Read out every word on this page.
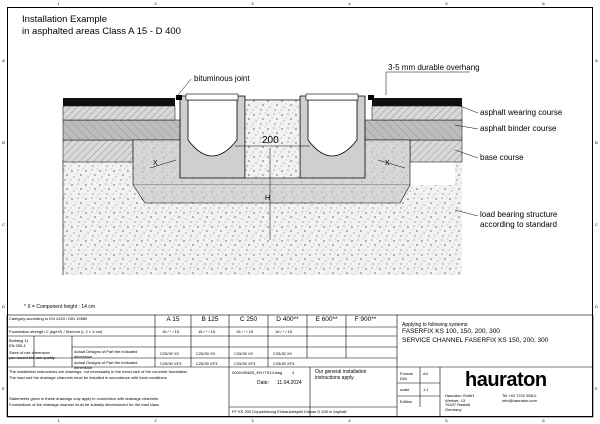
1	2	3	4	5	6
1	2	3	4	5	6
A
B
C
D
E
A
B
C
D
E
Installation Example
in asphalted areas Class A 15 - D 400
bituminous joint
3-5 mm durable overhang
asphalt wearing course
asphalt binder course
base course
load bearing structure
according to standard
200
X	X
H
* X = Component height : 14 cm
Category according to EN 1433 / DIN 19580	A 15	B 125	C 250	D 400**	E 600**	F 900**
Foundation strength C (kg/m³) / Size/cm (L 2 × 4 cm)	16 / * / 15	16 / * / 15	15 / * / 15	16 / * / 15
Building 11
EN 206-1
Sizes of mix dimension
you record the use quality
Actual Designs of Part the indicated dimension
C25/30 X0	C25/30 X0	C25/30 X0	C25/30 X0
Actual Designs of Part the indicated dimension
C25/30 XF3	C25/30 XF3	C25/30 XF3	C25/30 XF3
The installation instructions are drawings, not necessarily in the exact size of the concrete foundation
The load and the drainage channels must be installed in accordance with local conditions
Statements given in these drawings only apply in connection with drainage channels
Foundations of the drainage channel must be suitably dimensioned for the load class
Applying to following systems:
FASERFIX KS 100, 150, 200, 300
SERVICE CHANNEL FASERFIX KS 150, 200, 300
0000195625_EN ITS14.dwg	4
Date:	11.04.2024
Our general installation
instructions apply.
FF KS 200 Doppelstrang Einbaubeispiel Klasse D 400 in Asphalt
Format DIN
A4
scale	1:1
Edition
hauraton
Hauraton GmbH
Werkstr. 13
76437 Rastatt
Germany
Tel +49 7222 958-0
info@hauraton.com
